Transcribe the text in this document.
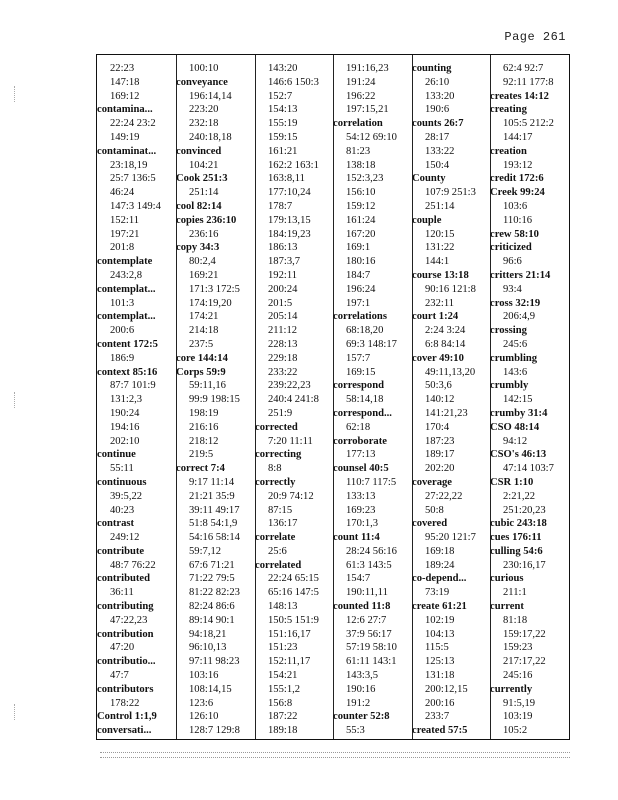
Page 261
22:23
147:18
169:12
contamina...
22:24 23:2
149:19
contaminat...
23:18,19
25:7 136:5
46:24
147:3 149:4
152:11
197:21
201:8
contemplate
243:2,8
contemplat...
101:3
contemplat...
200:6
content 172:5
186:9
context 85:16
87:7 101:9
131:2,3
190:24
194:16
202:10
continue
55:11
continuous
39:5,22
40:23
contrast
249:12
contribute
48:7 76:22
contributed
36:11
contributing
47:22,23
contribution
47:20
contributio...
47:7
contributors
178:22
Control 1:1,9
conversati...
100:10
conveyance
196:14,14
223:20
232:18
240:18,18
convinced
104:21
Cook 251:3
251:14
cool 82:14
copies 236:10
236:16
copy 34:3
80:2,4
169:21
171:3 172:5
174:19,20
174:21
214:18
237:5
core 144:14
Corps 59:9
59:11,16
99:9 198:15
198:19
216:16
218:12
219:5
correct 7:4
9:17 11:14
21:21 35:9
39:11 49:17
51:8 54:1,9
54:16 58:14
59:7,12
67:6 71:21
71:22 79:5
81:22 82:23
82:24 86:6
89:14 90:1
94:18,21
96:10,13
97:11 98:23
103:16
108:14,15
123:6
126:10
128:7 129:8
143:20
146:6 150:3
152:7
154:13
155:19
159:15
161:21
162:2 163:1
163:8,11
177:10,24
178:7
179:13,15
184:19,23
186:13
187:3,7
192:11
200:24
201:5
205:14
211:12
228:13
229:18
233:22
239:22,23
240:4 241:8
251:9
corrected
7:20 11:11
correcting
8:8
correctly
20:9 74:12
87:15
136:17
correlate
25:6
correlated
22:24 65:15
65:16 147:5
148:13
150:5 151:9
151:16,17
151:23
152:11,17
154:21
155:1,2
156:8
187:22
189:18
191:16,23
191:24
196:22
197:15,21
correlation
54:12 69:10
81:23
138:18
152:3,23
156:10
159:12
161:24
167:20
169:1
180:16
184:7
196:24
197:1
correlations
68:18,20
69:3 148:17
157:7
169:15
correspond
58:14,18
correspond...
62:18
corroborate
177:13
counsel 40:5
110:7 117:5
133:13
169:23
170:1,3
count 11:4
28:24 56:16
61:3 143:5
154:7
190:11,11
counted 11:8
12:6 27:7
37:9 56:17
57:19 58:10
61:11 143:1
143:3,5
190:16
191:2
counter 52:8
55:3
counting
26:10
133:20
190:6
counts 26:7
28:17
133:22
150:4
County
107:9 251:3
251:14
couple
120:15
131:22
144:1
course 13:18
90:16 121:8
232:11
court 1:24
2:24 3:24
6:8 84:14
cover 49:10
49:11,13,20
50:3,6
140:12
141:21,23
170:4
187:23
189:17
202:20
coverage
27:22,22
50:8
covered
95:20 121:7
169:18
189:24
co-depend...
73:19
create 61:21
102:19
104:13
115:5
125:13
131:18
200:12,15
200:16
233:7
created 57:5
62:4 92:7
92:11 177:8
creates 14:12
creating
105:5 212:2
144:17
creation
193:12
credit 172:6
Creek 99:24
103:6
110:16
crew 58:10
criticized
96:6
critters 21:14
93:4
cross 32:19
206:4,9
crossing
245:6
crumbling
143:6
crumbly
142:15
crumby 31:4
CSO 48:14
94:12
CSO's 46:13
47:14 103:7
CSR 1:10
2:21,22
251:20,23
cubic 243:18
cues 176:11
culling 54:6
230:16,17
curious
211:1
current
81:18
159:17,22
159:23
217:17,22
245:16
currently
91:5,19
103:19
105:2
